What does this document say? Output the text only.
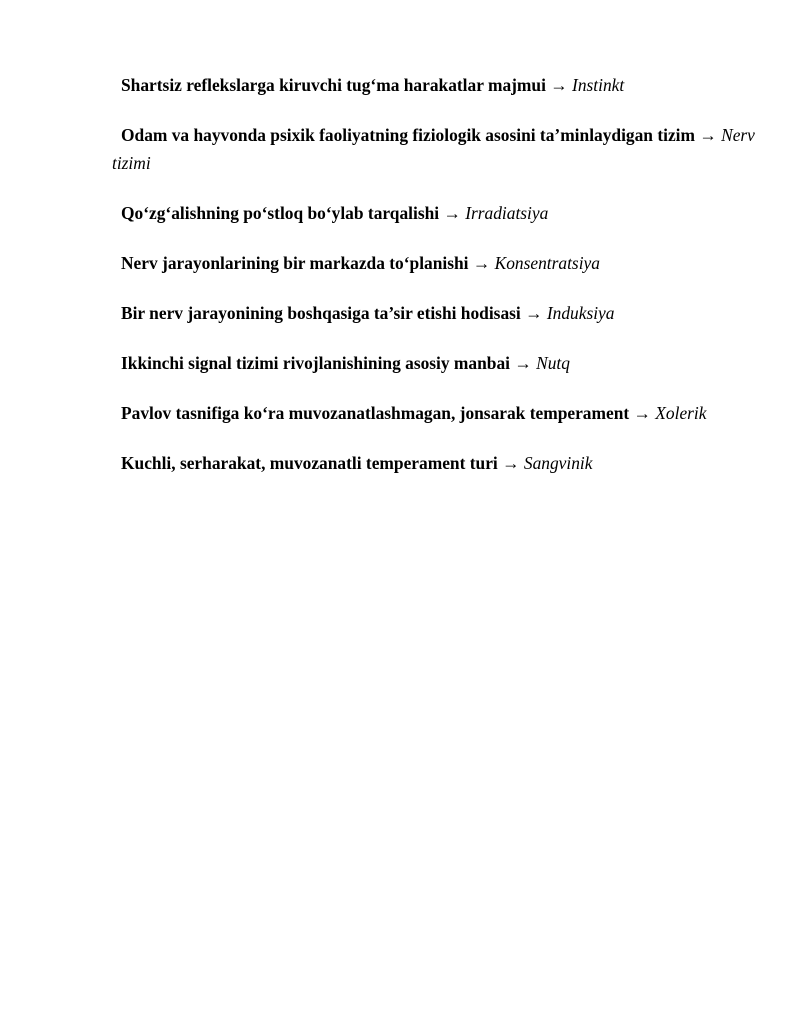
Shartsiz reflekslarga kiruvchi tug‘ma harakatlar majmui → Instinkt

Odam va hayvonda psixik faoliyatning fiziologik asosini ta’minlaydigan tizim → Nerv tizimi

Qo‘zg‘alishning po‘stloq bo‘ylab tarqalishi → Irradiatsiya

Nerv jarayonlarining bir markazda to‘planishi → Konsentratsiya

Bir nerv jarayonining boshqasiga ta’sir etishi hodisasi → Induksiya

Ikkinchi signal tizimi rivojlanishining asosiy manbai → Nutq

Pavlov tasnifiga ko‘ra muvozanatlashmagan, jonsarak temperament → Xolerik

Kuchli, serharakat, muvozanatli temperament turi → Sangvinik
